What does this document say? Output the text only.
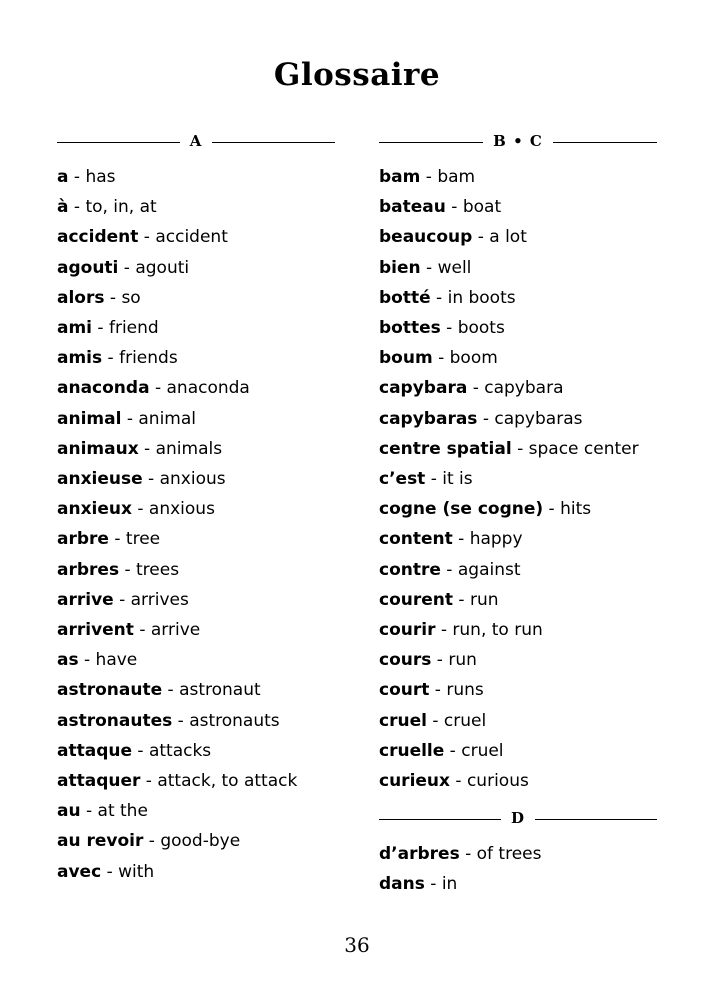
Glossaire
A
a - has
à - to, in, at
accident - accident
agouti - agouti
alors - so
ami - friend
amis - friends
anaconda - anaconda
animal - animal
animaux - animals
anxieuse - anxious
anxieux - anxious
arbre - tree
arbres - trees
arrive - arrives
arrivent - arrive
as - have
astronaute - astronaut
astronautes - astronauts
attaque - attacks
attaquer - attack, to attack
au - at the
au revoir - good-bye
avec - with
B • C
bam - bam
bateau - boat
beaucoup - a lot
bien - well
botté - in boots
bottes - boots
boum - boom
capybara - capybara
capybaras - capybaras
centre spatial - space center
c’est - it is
cogne (se cogne) - hits
content - happy
contre - against
courent - run
courir - run, to run
cours - run
court - runs
cruel - cruel
cruelle - cruel
curieux - curious
D
d’arbres - of trees
dans - in
36
